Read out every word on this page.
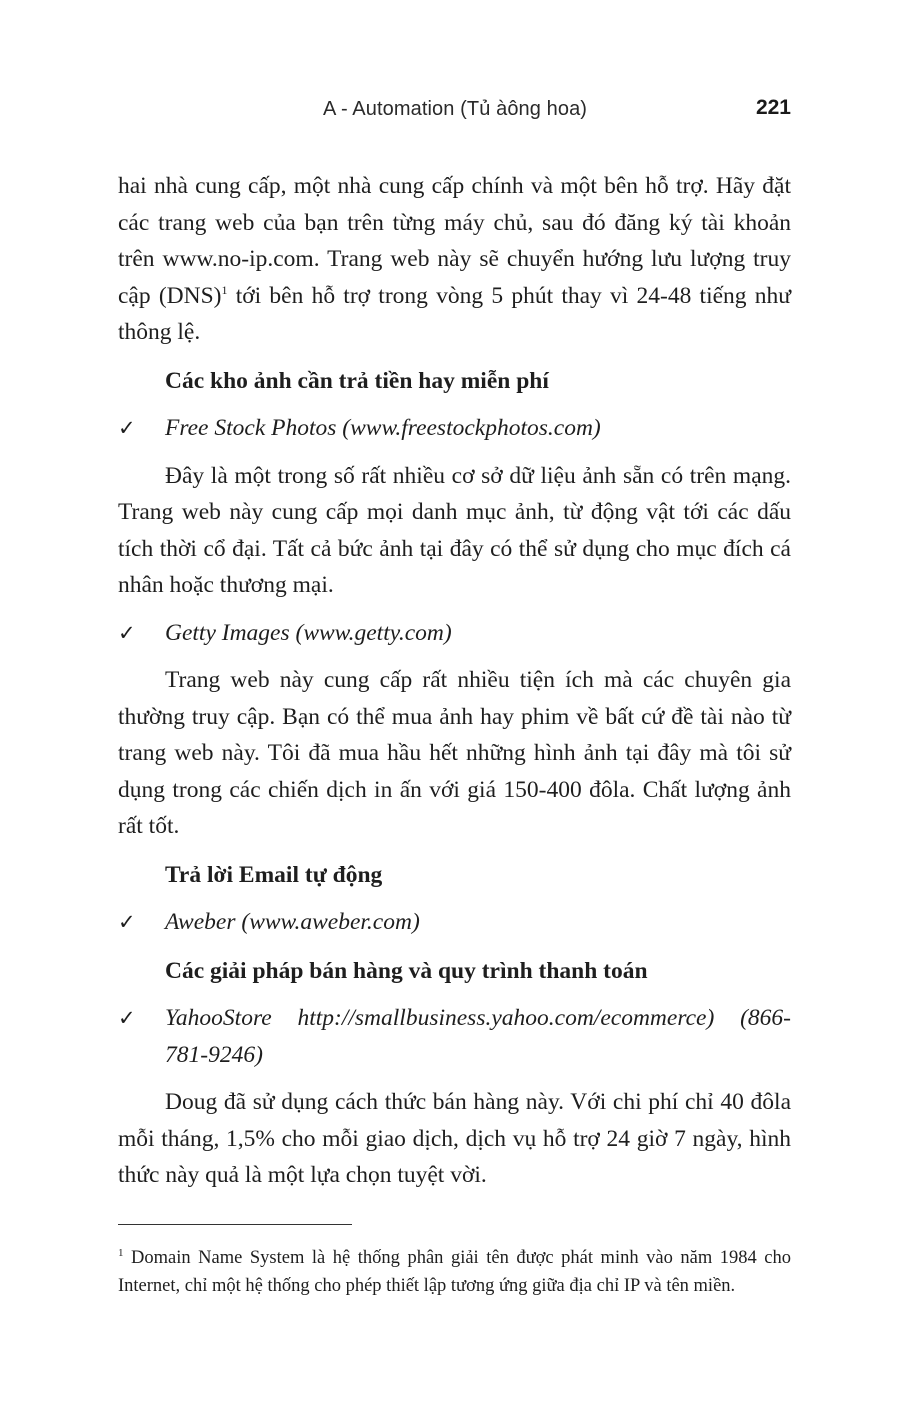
A - Automation (Tủ àông hoa)	221

hai nhà cung cấp, một nhà cung cấp chính và một bên hỗ trợ. Hãy đặt các trang web của bạn trên từng máy chủ, sau đó đăng ký tài khoản trên www.no-ip.com. Trang web này sẽ chuyển hướng lưu lượng truy cập (DNS)$^1$ tới bên hỗ trợ trong vòng 5 phút thay vì 24-48 tiếng như thông lệ.

Các kho ảnh cần trả tiền hay miễn phí

✓ Free Stock Photos (www.freestockphotos.com)

Đây là một trong số rất nhiều cơ sở dữ liệu ảnh sẵn có trên mạng. Trang web này cung cấp mọi danh mục ảnh, từ động vật tới các dấu tích thời cổ đại. Tất cả bức ảnh tại đây có thể sử dụng cho mục đích cá nhân hoặc thương mại.

✓ Getty Images (www.getty.com)

Trang web này cung cấp rất nhiều tiện ích mà các chuyên gia thường truy cập. Bạn có thể mua ảnh hay phim về bất cứ đề tài nào từ trang web này. Tôi đã mua hầu hết những hình ảnh tại đây mà tôi sử dụng trong các chiến dịch in ấn với giá 150-400 đôla. Chất lượng ảnh rất tốt.

Trả lời Email tự động

✓ Aweber (www.aweber.com)

Các giải pháp bán hàng và quy trình thanh toán

✓ YahooStore http://smallbusiness.yahoo.com/ecommerce) (866-781-9246)

Doug đã sử dụng cách thức bán hàng này. Với chi phí chỉ 40 đôla mỗi tháng, 1,5% cho mỗi giao dịch, dịch vụ hỗ trợ 24 giờ 7 ngày, hình thức này quả là một lựa chọn tuyệt vời.

$^1$ Domain Name System là hệ thống phân giải tên được phát minh vào năm 1984 cho Internet, chỉ một hệ thống cho phép thiết lập tương ứng giữa địa chỉ IP và tên miền.
